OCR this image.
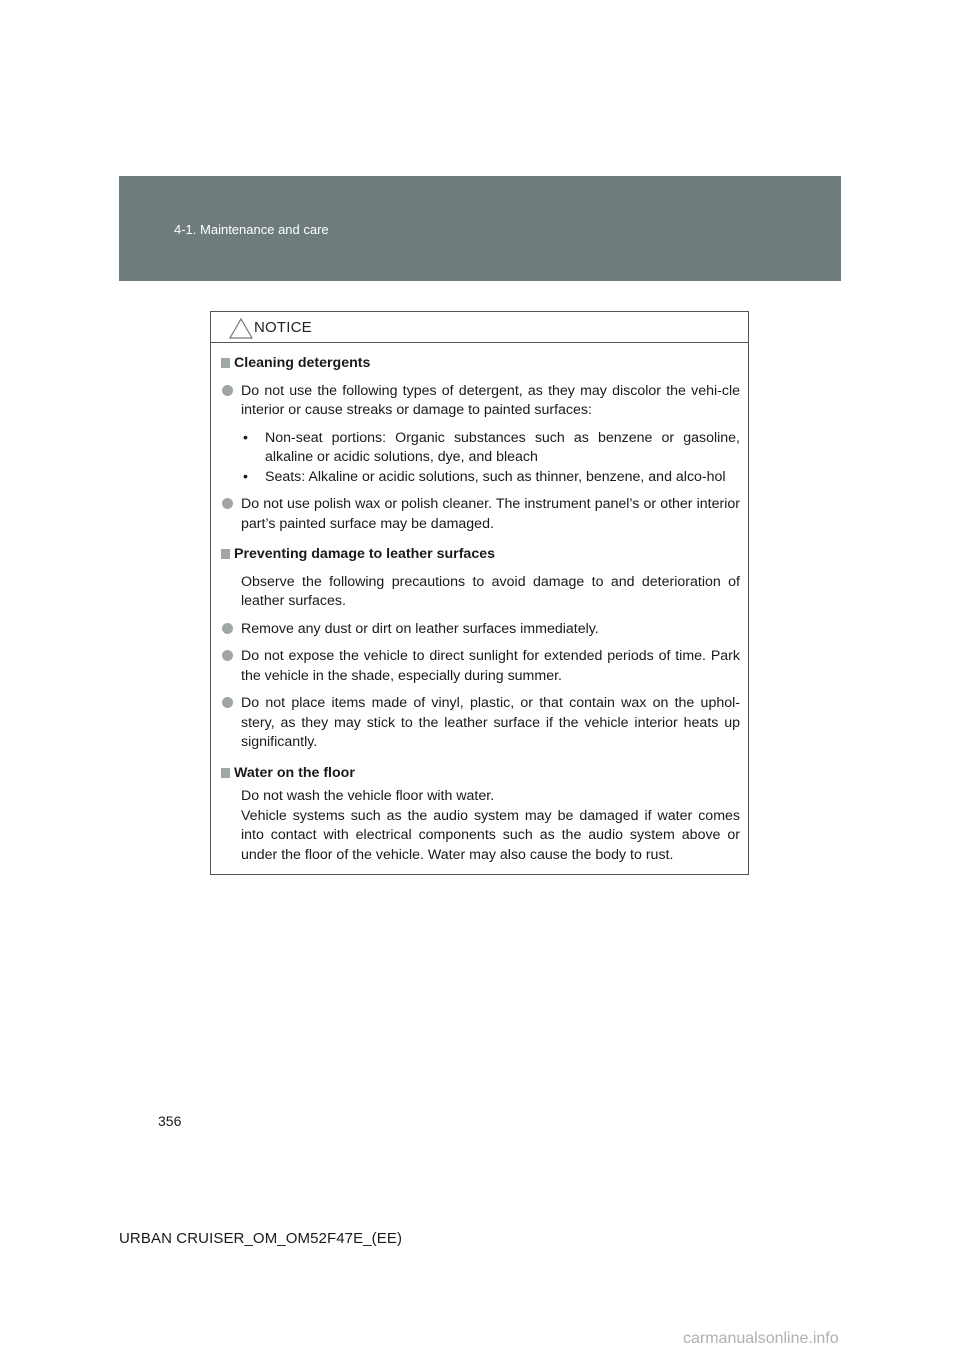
4-1. Maintenance and care
NOTICE
Cleaning detergents
Do not use the following types of detergent, as they may discolor the vehi-cle interior or cause streaks or damage to painted surfaces:
• Non-seat portions: Organic substances such as benzene or gasoline, alkaline or acidic solutions, dye, and bleach
• Seats: Alkaline or acidic solutions, such as thinner, benzene, and alco-hol
Do not use polish wax or polish cleaner. The instrument panel’s or other interior part’s painted surface may be damaged.
Preventing damage to leather surfaces
Observe the following precautions to avoid damage to and deterioration of leather surfaces.
Remove any dust or dirt on leather surfaces immediately.
Do not expose the vehicle to direct sunlight for extended periods of time. Park the vehicle in the shade, especially during summer.
Do not place items made of vinyl, plastic, or that contain wax on the uphol-stery, as they may stick to the leather surface if the vehicle interior heats up significantly.
Water on the floor
Do not wash the vehicle floor with water.
Vehicle systems such as the audio system may be damaged if water comes into contact with electrical components such as the audio system above or under the floor of the vehicle. Water may also cause the body to rust.
356
URBAN CRUISER_OM_OM52F47E_(EE)
carmanualsonline.info
